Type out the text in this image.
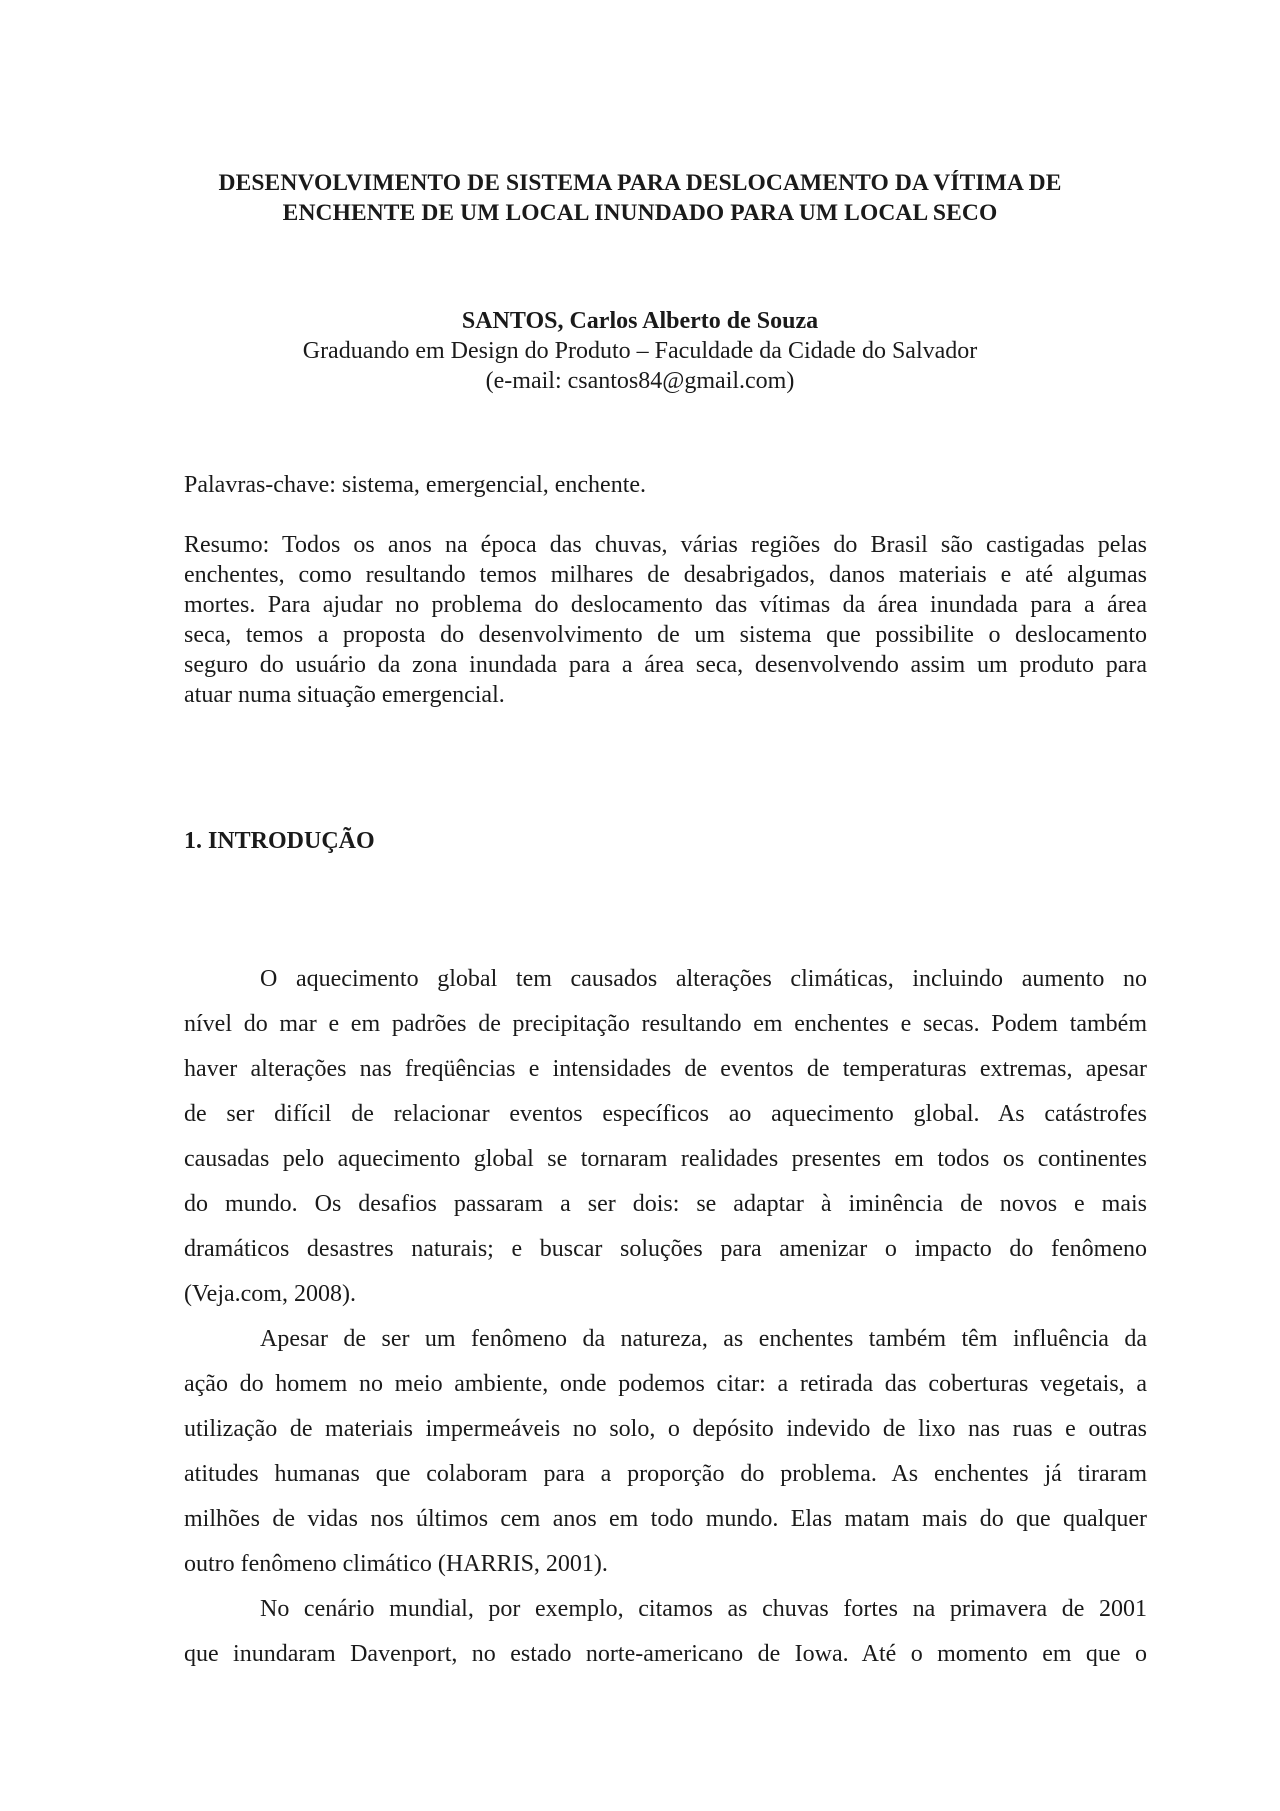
DESENVOLVIMENTO DE SISTEMA PARA DESLOCAMENTO DA VÍTIMA DE
ENCHENTE DE UM LOCAL INUNDADO PARA UM LOCAL SECO
SANTOS, Carlos Alberto de Souza
Graduando em Design do Produto – Faculdade da Cidade do Salvador
(e-mail: csantos84@gmail.com)
Palavras-chave: sistema, emergencial, enchente.
Resumo: Todos os anos na época das chuvas, várias regiões do Brasil são castigadas pelas
enchentes, como resultando temos milhares de desabrigados, danos materiais e até algumas
mortes. Para ajudar no problema do deslocamento das vítimas da área inundada para a área
seca, temos a proposta do desenvolvimento de um sistema que possibilite o deslocamento
seguro do usuário da zona inundada para a área seca, desenvolvendo assim um produto para
atuar numa situação emergencial.
1. INTRODUÇÃO
O aquecimento global tem causados alterações climáticas, incluindo aumento no
nível do mar e em padrões de precipitação resultando em enchentes e secas. Podem também
haver alterações nas freqüências e intensidades de eventos de temperaturas extremas, apesar
de ser difícil de relacionar eventos específicos ao aquecimento global. As catástrofes
causadas pelo aquecimento global se tornaram realidades presentes em todos os continentes
do mundo. Os desafios passaram a ser dois: se adaptar à iminência de novos e mais
dramáticos desastres naturais; e buscar soluções para amenizar o impacto do fenômeno
(Veja.com, 2008).
Apesar de ser um fenômeno da natureza, as enchentes também têm influência da
ação do homem no meio ambiente, onde podemos citar: a retirada das coberturas vegetais, a
utilização de materiais impermeáveis no solo, o depósito indevido de lixo nas ruas e outras
atitudes humanas que colaboram para a proporção do problema. As enchentes já tiraram
milhões de vidas nos últimos cem anos em todo mundo. Elas matam mais do que qualquer
outro fenômeno climático (HARRIS, 2001).
No cenário mundial, por exemplo, citamos as chuvas fortes na primavera de 2001
que inundaram Davenport, no estado norte-americano de Iowa. Até o momento em que o
